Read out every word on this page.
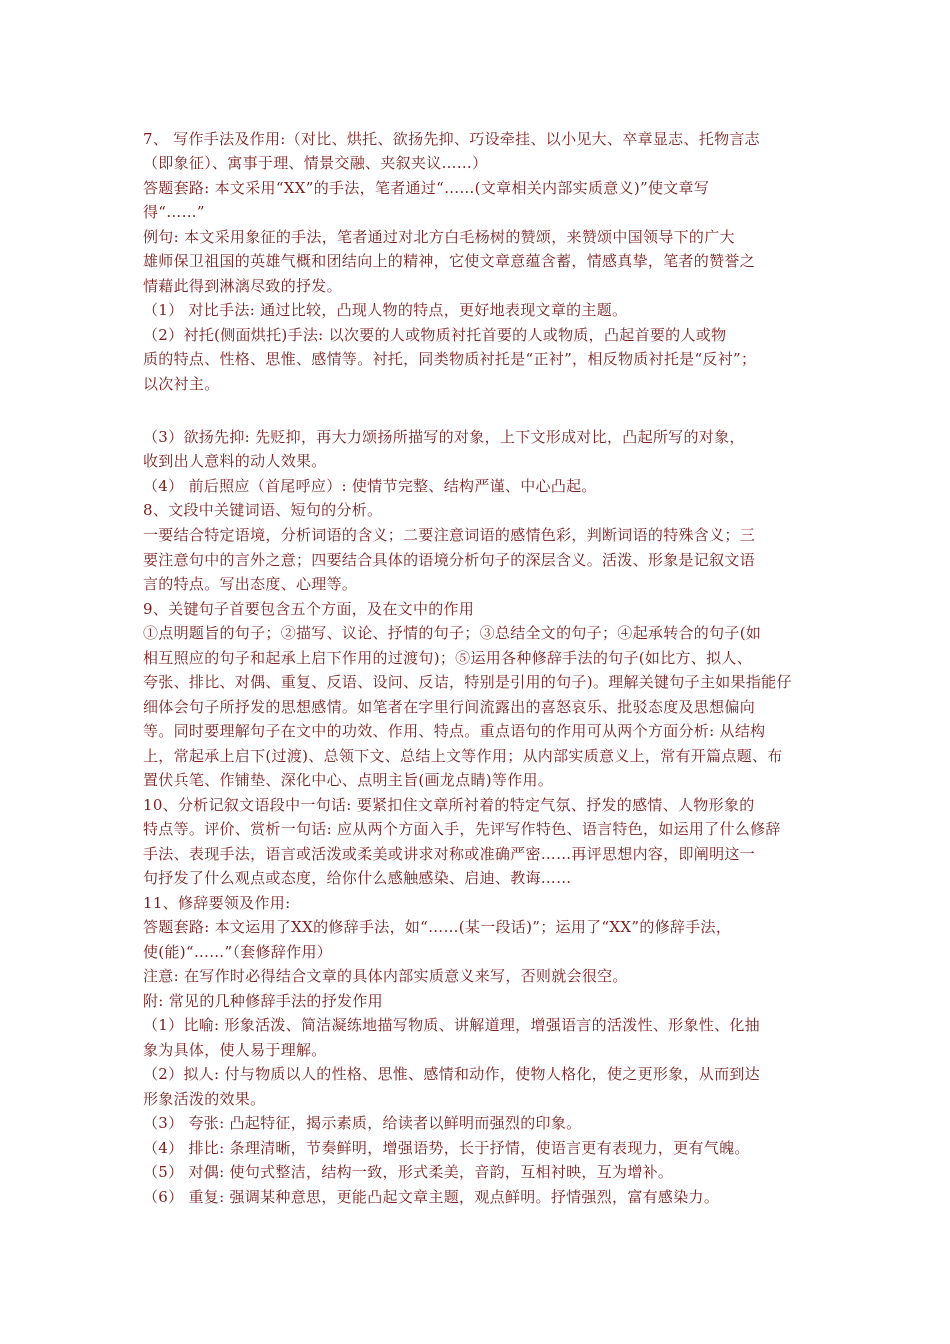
7、 写作手法及作用:（对比、烘托、欲扬先抑、巧设牵挂、以小见大、卒章显志、托物言志
（即象征）、寓事于理、情景交融、夹叙夹议……）
答题套路: 本文采用“XX”的手法，笔者通过“……(文章相关内部实质意义)”使文章写
得“……”
例句: 本文采用象征的手法，笔者通过对北方白毛杨树的赞颂，来赞颂中国领导下的广大
雄师保卫祖国的英雄气概和团结向上的精神，它使文章意蕴含蓄，情感真挚，笔者的赞誉之
情藉此得到淋漓尽致的抒发。
（1） 对比手法: 通过比较，凸现人物的特点，更好地表现文章的主题。
（2）衬托(侧面烘托)手法: 以次要的人或物质衬托首要的人或物质，凸起首要的人或物
质的特点、性格、思惟、感情等。衬托，同类物质衬托是“正衬”，相反物质衬托是“反衬”；
以次衬主。
（3）欲扬先抑: 先贬抑，再大力颂扬所描写的对象，上下文形成对比，凸起所写的对象，
收到出人意料的动人效果。
（4） 前后照应（首尾呼应）: 使情节完整、结构严谨、中心凸起。
8、文段中关键词语、短句的分析。
一要结合特定语境，分析词语的含义；二要注意词语的感情色彩，判断词语的特殊含义；三
要注意句中的言外之意；四要结合具体的语境分析句子的深层含义。活泼、形象是记叙文语
言的特点。写出态度、心理等。
9、关键句子首要包含五个方面，及在文中的作用
①点明题旨的句子；②描写、议论、抒情的句子；③总结全文的句子；④起承转合的句子(如
相互照应的句子和起承上启下作用的过渡句)；⑤运用各种修辞手法的句子(如比方、拟人、
夸张、排比、对偶、重复、反语、设问、反诘，特别是引用的句子)。理解关键句子主如果指能仔
细体会句子所抒发的思想感情。如笔者在字里行间流露出的喜怒哀乐、批驳态度及思想偏向
等。同时要理解句子在文中的功效、作用、特点。重点语句的作用可从两个方面分析: 从结构
上，常起承上启下(过渡)、总领下文、总结上文等作用；从内部实质意义上，常有开篇点题、布
置伏兵笔、作铺垫、深化中心、点明主旨(画龙点睛)等作用。
10、分析记叙文语段中一句话: 要紧扣住文章所衬着的特定气氛、抒发的感情、人物形象的
特点等。评价、赏析一句话: 应从两个方面入手，先评写作特色、语言特色，如运用了什么修辞
手法、表现手法，语言或活泼或柔美或讲求对称或准确严密……再评思想内容，即阐明这一
句抒发了什么观点或态度，给你什么感触感染、启迪、教诲……
11、修辞要领及作用:
答题套路: 本文运用了XX的修辞手法，如“……(某一段话)”；运用了“XX”的修辞手法，
使(能)“……”（套修辞作用）
注意: 在写作时必得结合文章的具体内部实质意义来写，否则就会很空。
附: 常见的几种修辞手法的抒发作用
（1）比喻: 形象活泼、简洁凝练地描写物质、讲解道理，增强语言的活泼性、形象性、化抽
象为具体，使人易于理解。
（2）拟人: 付与物质以人的性格、思惟、感情和动作，使物人格化，使之更形象，从而到达
形象活泼的效果。
（3） 夸张: 凸起特征，揭示素质，给读者以鲜明而强烈的印象。
（4） 排比: 条理清晰，节奏鲜明，增强语势，长于抒情，使语言更有表现力，更有气魄。
（5） 对偶: 使句式整洁，结构一致，形式柔美，音韵，互相衬映，互为增补。
（6） 重复: 强调某种意思，更能凸起文章主题，观点鲜明。抒情强烈，富有感染力。
